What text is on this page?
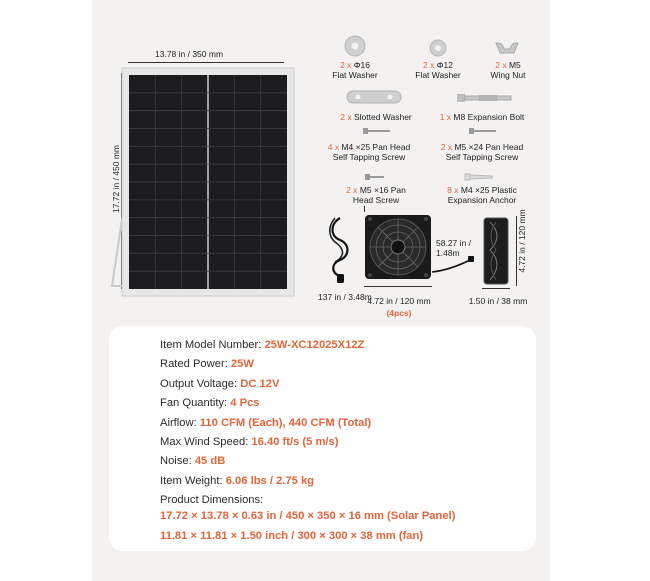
13.78 in / 350 mm
17.72 in / 450 mm
2 x Φ16
Flat Washer
2 x Φ12
Flat Washer
2 x M5
Wing Nut
2 x Slotted Washer	1 x M8 Expansion Bolt
4 x M4 ×25 Pan Head
Self Tapping Screw
2 x M5 ×24 Pan Head
Self Tapping Screw
2 x M5 ×16 Pan
Head Screw
8 x M4 ×25 Plastic
Expansion Anchor
137 in / 3.48m
58.27 in / 1.48m
4.72 in / 120 mm
(4pcs)
4.72 in / 120 mm
1.50 in / 38 mm
Item Model Number: 25W-XC12025X12Z
Rated Power: 25W
Output Voltage: DC 12V
Fan Quantity: 4 Pcs
Airflow: 110 CFM (Each), 440 CFM (Total)
Max Wind Speed: 16.40 ft/s (5 m/s)
Noise: 45 dB
Item Weight: 6.06 lbs / 2.75 kg
Product Dimensions:
17.72 × 13.78 × 0.63 in / 450 × 350 × 16 mm (Solar Panel)
11.81 × 11.81 × 1.50 inch / 300 × 300 × 38 mm (fan)
